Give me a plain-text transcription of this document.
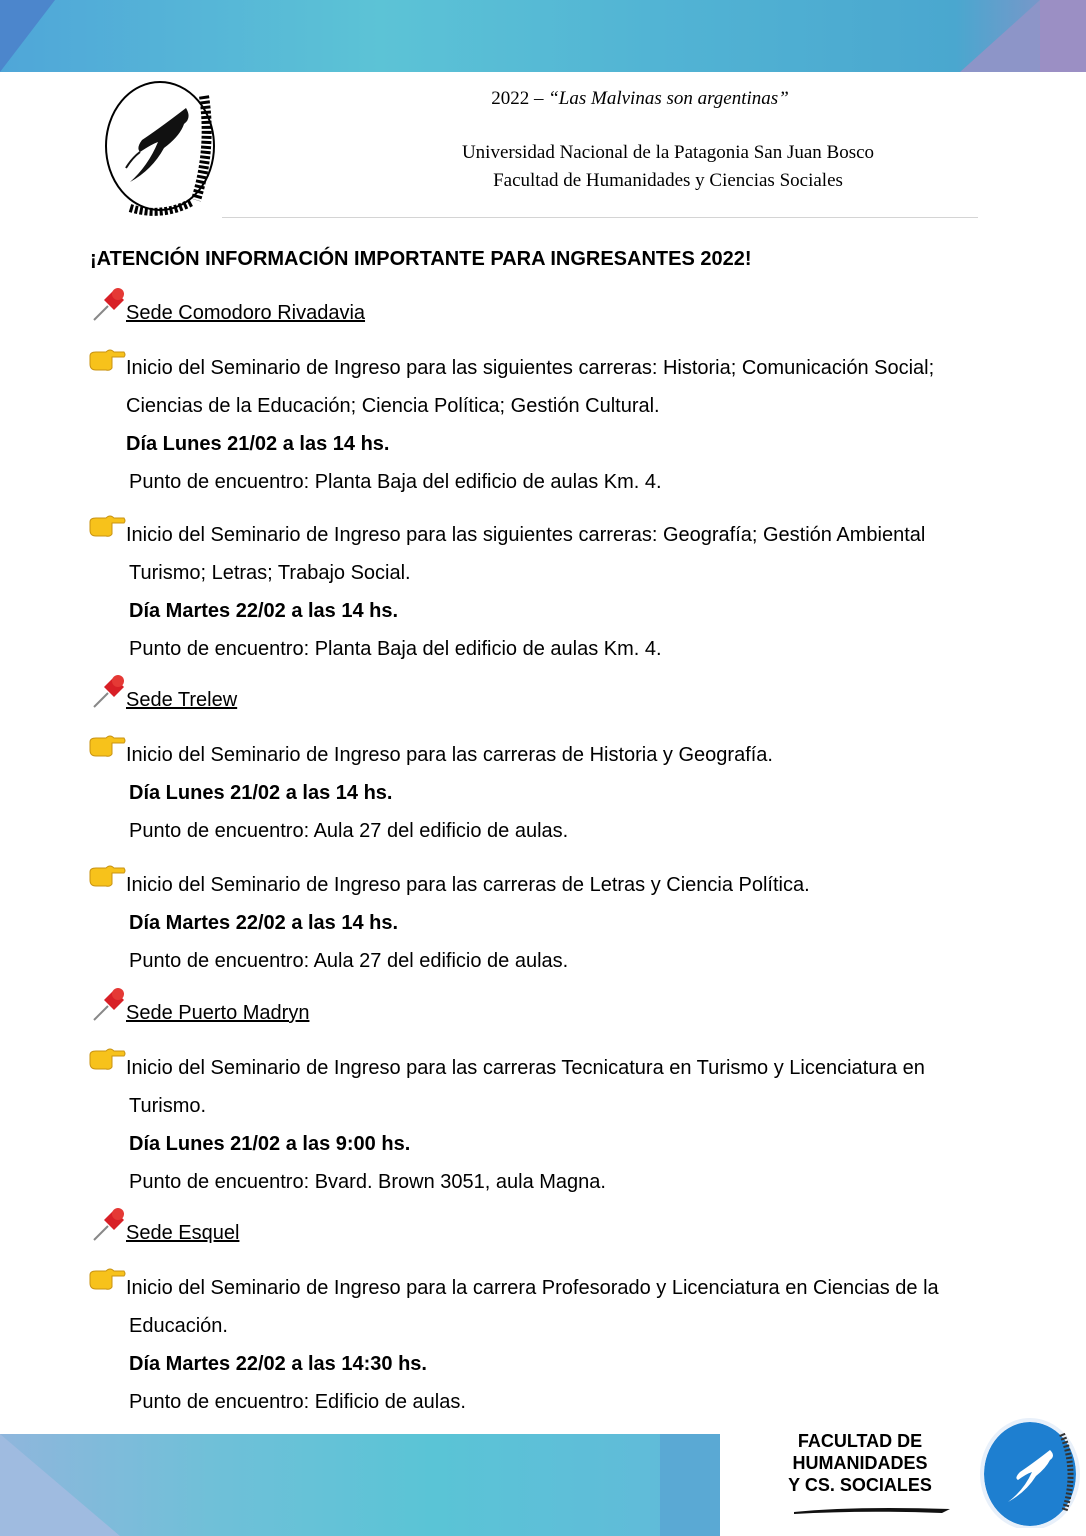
2022 – “Las Malvinas son argentinas”
Universidad Nacional de la Patagonia San Juan Bosco
Facultad de Humanidades y Ciencias Sociales
¡ATENCIÓN INFORMACIÓN IMPORTANTE PARA INGRESANTES 2022!
Sede Comodoro Rivadavia
Inicio del Seminario de Ingreso para las siguientes carreras: Historia; Comunicación Social;
Ciencias de la Educación; Ciencia Política; Gestión Cultural.
Día Lunes 21/02 a las 14 hs.
Punto de encuentro: Planta Baja del edificio de aulas Km. 4.
Inicio del Seminario de Ingreso para las siguientes carreras: Geografía; Gestión Ambiental
Turismo; Letras; Trabajo Social.
Día Martes 22/02 a las 14 hs.
Punto de encuentro: Planta Baja del edificio de aulas Km. 4.
Sede Trelew
Inicio del Seminario de Ingreso para las carreras de Historia y Geografía.
Día Lunes 21/02 a las 14 hs.
Punto de encuentro: Aula 27 del edificio de aulas.
Inicio del Seminario de Ingreso para las carreras de Letras y Ciencia Política.
Día Martes 22/02 a las 14 hs.
Punto de encuentro: Aula 27 del edificio de aulas.
Sede Puerto Madryn
Inicio del Seminario de Ingreso para las carreras Tecnicatura en Turismo y Licenciatura en
Turismo.
Día Lunes 21/02 a las 9:00 hs.
Punto de encuentro: Bvard. Brown 3051, aula Magna.
Sede Esquel
Inicio del Seminario de Ingreso para la carrera Profesorado y Licenciatura en Ciencias de la
Educación.
Día Martes 22/02 a las 14:30 hs.
Punto de encuentro: Edificio de aulas.
FACULTAD DE
HUMANIDADES
Y CS. SOCIALES
